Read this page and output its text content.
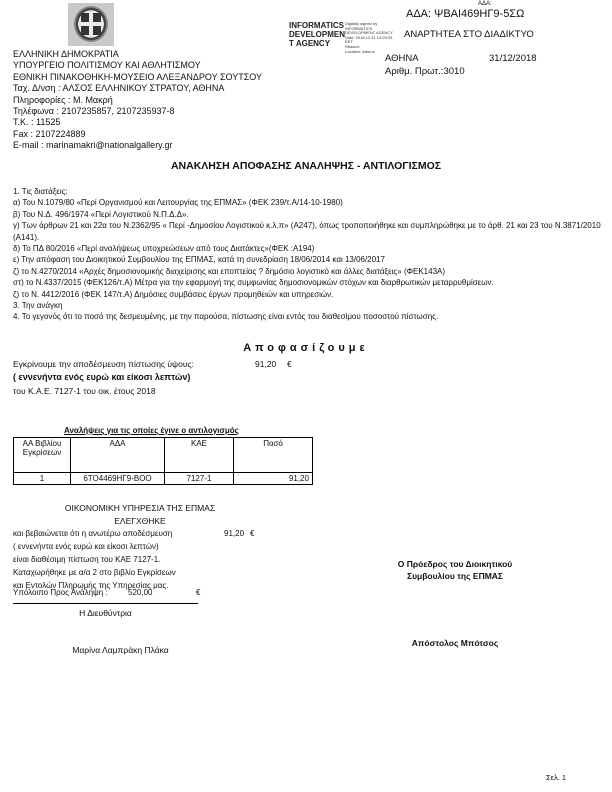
ΑΔΑ:
ΑΔΑ: ΨΒΑΙ469ΗΓ9-5ΣΩ
INFORMATICS
DEVELOPMEN
T AGENCY
Digitally signed by
INFORMATICS
DEVELOPMENT AGENCY
Date: 2018.12.31 13:29:33
EET
Reason:
Location: Athens
ΑΝΑΡΤΗΤΕΑ ΣΤΟ ΔΙΑΔΙΚΤΥΟ
ΑΘΗΝΑ	31/12/2018
Αριθμ. Πρωτ.:3010
ΕΛΛΗΝΙΚΗ ΔΗΜΟΚΡΑΤΙΑ
ΥΠΟΥΡΓΕΙΟ ΠΟΛΙΤΙΣΜΟΥ ΚΑΙ ΑΘΛΗΤΙΣΜΟΥ
ΕΘΝΙΚΗ ΠΙΝΑΚΟΘΗΚΗ-ΜΟΥΣΕΙΟ ΑΛΕΞΑΝΔΡΟΥ ΣΟΥΤΣΟΥ
Ταχ. Δ/νση : ΑΛΣΟΣ ΕΛΛΗΝΙΚΟΥ ΣΤΡΑΤΟΥ, ΑΘΗΝΑ
Πληροφορίες : Μ. Μακρή
Τηλέφωνα : 2107235857, 2107235937-8
Τ.Κ. : 11525
Fax : 2107224889
E-mail : marinamakri@nationalgallery.gr
ΑΝΑΚΛΗΣΗ ΑΠΟΦΑΣΗΣ ΑΝΑΛΗΨΗΣ - ΑΝΤΙΛΟΓΙΣΜΟΣ
1. Τις διατάξεις:
α) Του Ν.1079/80 «Περί Οργανισμού και Λειτουργίας της ΕΠΜΑΣ» (ΦΕΚ 239/τ.Α/14-10-1980)
β) Του Ν.Δ. 496/1974 «Περί Λογιστικού Ν.Π.Δ.Δ».
γ) Των άρθρων 21 και 22α του Ν.2362/95 « Περί -Δημοσίου Λογιστικού κ.λ.π» (Α247), όπως τροποποιήθηκε και συμπληρώθηκε με το άρθ. 21 και 23 του Ν.3871/2010 (Α141).
δ) Το ΠΔ 80/2016 «Περί αναλήψεως υποχρεώσεων από τους Διατάκτες»(ΦΕΚ :Α194)
ε) Την απόφαση του Διοικητικού Συμβουλίου της ΕΠΜΑΣ, κατά τη συνεδρίαση 18/06/2014 και 13/06/2017
ζ) το Ν.4270/2014 «Αρχές δημοσιονομικής διαχείρισης και εποπτείας ? δημόσιο λογιστικό και άλλες διατάξεις» (ΦΕΚ143Α)
στ) το Ν.4337/2015 (ΦΕΚ126/τ.Α) Μέτρα για την εφαρμογή της συμφωνίας δημοσιονομικών στόχων και διαρθρωτικών μεταρρυθμίσεων.
ζ) το Ν. 4412/2016 (ΦΕΚ 147/τ.Α) Δημόσιες συμβάσεις έργων προμηθειών και υπηρεσιών.
3. Την ανάγκη
4. Το γεγονός ότι το ποσό της δεσμευμένης, με την παρούσα, πίστωσης είναι εντός του διαθεσίμου ποσοστού πίστωσης.
Αποφασίζουμε
Εγκρίνουμε την αποδέσμευση πίστωσης ύψους:	91,20 €
( εννενήντα ενός ευρώ και είκοσι λεπτών)
του Κ.Α.Ε. 7127-1 του οικ. έτους 2018
Αναλήψεις για τις οποίες έγινε ο αντιλογισμός
ΑΑ Βιβλίου Εγκρίσεων	ΑΔΑ	ΚΑΕ	Ποσό
1	6ΤΟ4469ΗΓ9-ΒΟΟ	7127-1	91,20
ΟΙΚΟΝΟΜΙΚΗ ΥΠΗΡΕΣΙΑ ΤΗΣ ΕΠΜΑΣ
ΕΛΕΓΧΘΗΚΕ
και βεβαιώνεται ότι η ανωτέρω αποδέσμευση
( εννενήντα ενός ευρώ και είκοσι λεπτών)
είναι διαθέσιμη πίστωση του ΚΑΕ 7127-1.
Καταχωρήθηκε με α/α 2 στο βιβλίο Εγκρίσεων
και Εντολών Πληρωμής της Υπηρεσίας μας.
91,20 €
Υπόλοιπο Προς Ανάληψη :	520,00	€
Η Διευθύντρια
Μαρίνα Λαμπράκη Πλάκα
Ο Πρόεδρος του Διοικητικού
Συμβουλίου της ΕΠΜΑΣ
Απόστολος Μπότσος
Σελ. 1
